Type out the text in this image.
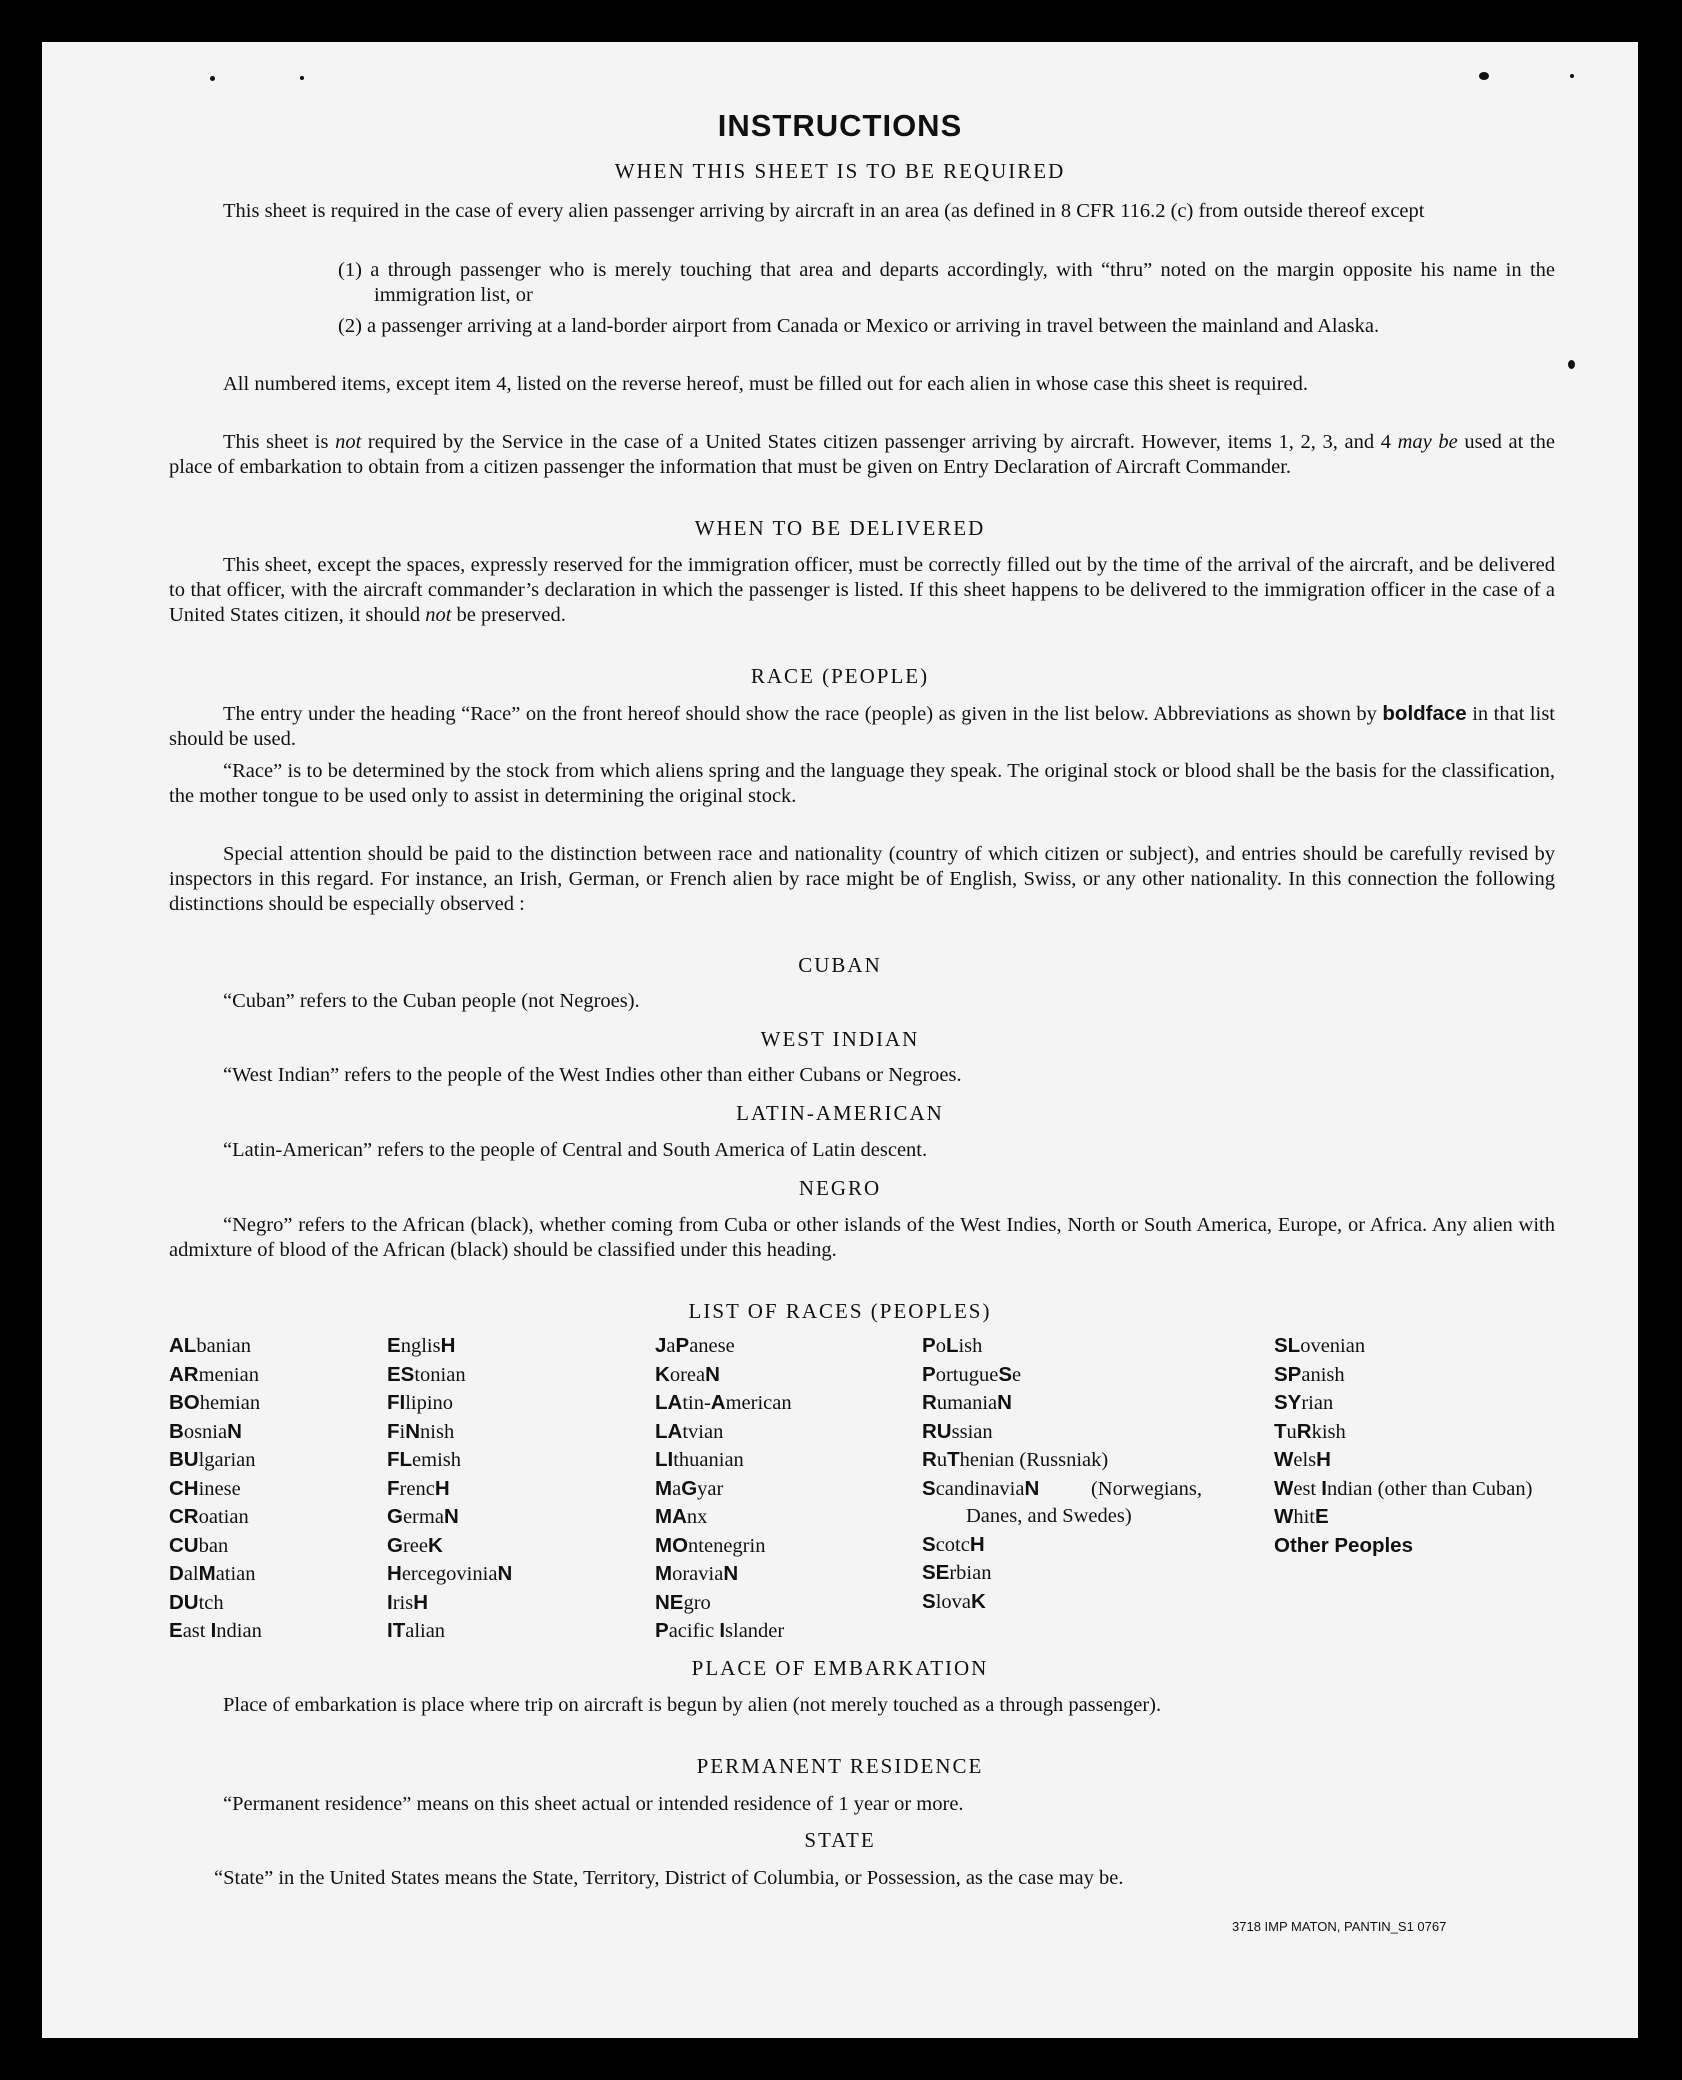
INSTRUCTIONS
WHEN THIS SHEET IS TO BE REQUIRED

This sheet is required in the case of every alien passenger arriving by aircraft in an area (as defined in 8 CFR 116.2 (c) from outside thereof except

(1) a through passenger who is merely touching that area and departs accordingly, with “thru” noted on the margin opposite his name in the immigration list, or

(2) a passenger arriving at a land-border airport from Canada or Mexico or arriving in travel between the mainland and Alaska.

All numbered items, except item 4, listed on the reverse hereof, must be filled out for each alien in whose case this sheet is required.

This sheet is not required by the Service in the case of a United States citizen passenger arriving by aircraft. However, items 1, 2, 3, and 4 may be used at the place of embarkation to obtain from a citizen passenger the information that must be given on Entry Declaration of Aircraft Commander.

WHEN TO BE DELIVERED

This sheet, except the spaces, expressly reserved for the immigration officer, must be correctly filled out by the time of the arrival of the aircraft, and be delivered to that officer, with the aircraft commander’s declaration in which the passenger is listed. If this sheet happens to be delivered to the immigration officer in the case of a United States citizen, it should not be preserved.

RACE (PEOPLE)

The entry under the heading “Race” on the front hereof should show the race (people) as given in the list below. Abbreviations as shown by boldface in that list should be used.

“Race” is to be determined by the stock from which aliens spring and the language they speak. The original stock or blood shall be the basis for the classification, the mother tongue to be used only to assist in determining the original stock.

Special attention should be paid to the distinction between race and nationality (country of which citizen or subject), and entries should be carefully revised by inspectors in this regard. For instance, an Irish, German, or French alien by race might be of English, Swiss, or any other nationality. In this connection the following distinctions should be especially observed :

CUBAN
“Cuban” refers to the Cuban people (not Negroes).
WEST INDIAN
“West Indian” refers to the people of the West Indies other than either Cubans or Negroes.
LATIN-AMERICAN
“Latin-American” refers to the people of Central and South America of Latin descent.
NEGRO

“Negro” refers to the African (black), whether coming from Cuba or other islands of the West Indies, North or South America, Europe, or Africa. Any alien with admixture of blood of the African (black) should be classified under this heading.

LIST OF RACES (PEOPLES)
ALbanian
ARmenian
BOhemian
BosniaN
BUlgarian
CHinese
CRoatian
CUban
DalMatian
DUtch
East Indian
EnglisH
EStonian
FIlipino
FiNnish
FLemish
FrencH
GermaN
GreeK
HercegoviniaN
IrisH
ITalian
JaPanese
KoreaN
LAtin-American
LAtvian
LIthuanian
MaGyar
MAnx
MOntenegrin
MoraviaN
NEgro
Pacific Islander
PoLish
PortugueSe
RumaniaN
RUssian
RuThenian (Russniak)
ScandinaviaN (Norwegians, Danes, and Swedes)
ScotcH
SErbian
SlovaK
SLovenian
SPanish
SYrian
TuRkish
WelsH
West Indian (other than Cuban)
WhitE
Other Peoples
PLACE OF EMBARKATION

Place of embarkation is place where trip on aircraft is begun by alien (not merely touched as a through passenger).

PERMANENT RESIDENCE
“Permanent residence” means on this sheet actual or intended residence of 1 year or more.
STATE
“State” in the United States means the State, Territory, District of Columbia, or Possession, as the case may be.
3718 IMP MATON, PANTIN_S1 0767
